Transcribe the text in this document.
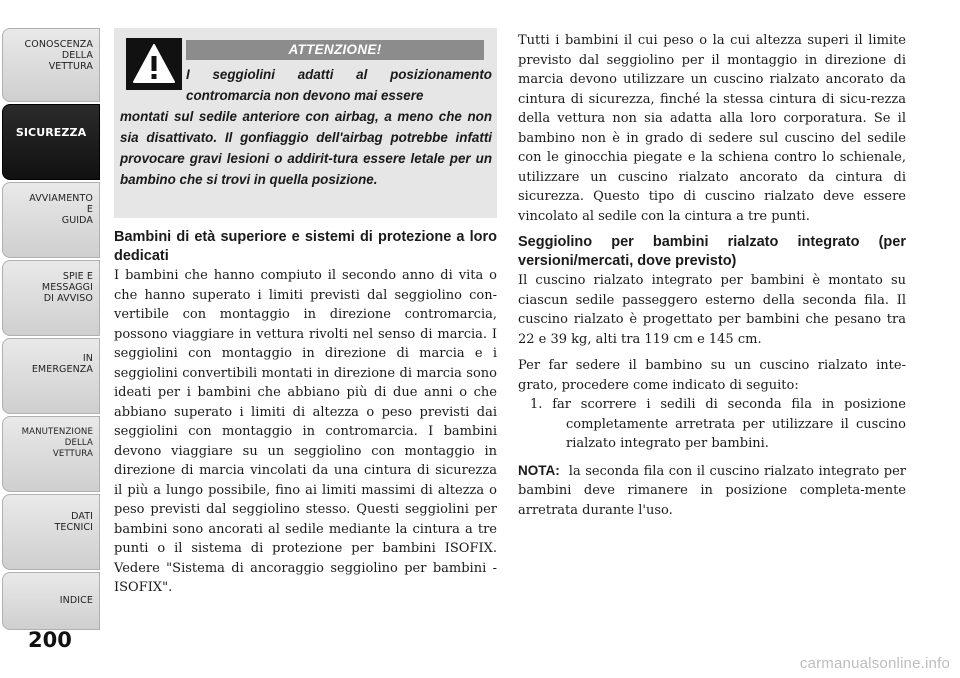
CONOSCENZA
DELLA
VETTURA
SICUREZZA
AVVIAMENTO
E
GUIDA
SPIE E
MESSAGGI
DI AVVISO
IN
EMERGENZA
MANUTENZIONE
DELLA
VETTURA
DATI
TECNICI
INDICE
200
ATTENZIONE!
I seggiolini adatti al posizionamento contromarcia non devono mai essere
montati sul sedile anteriore con airbag, a meno che non sia disattivato. Il gonfiaggio dell'airbag potrebbe infatti provocare gravi lesioni o addirit-tura essere letale per un bambino che si trovi in quella posizione.

Bambini di età superiore e sistemi di protezione a loro dedicati

I bambini che hanno compiuto il secondo anno di vita o che hanno superato i limiti previsti dal seggiolino con-vertibile con montaggio in direzione contromarcia, possono viaggiare in vettura rivolti nel senso di marcia. I seggiolini con montaggio in direzione di marcia e i seggiolini convertibili montati in direzione di marcia sono ideati per i bambini che abbiano più di due anni o che abbiano superato i limiti di altezza o peso previsti dai seggiolini con montaggio in contromarcia. I bambini devono viaggiare su un seggiolino con montaggio in direzione di marcia vincolati da una cintura di sicurezza il più a lungo possibile, fino ai limiti massimi di altezza o peso previsti dal seggiolino stesso. Questi seggiolini per bambini sono ancorati al sedile mediante la cintura a tre punti o il sistema di protezione per bambini ISOFIX. Vedere "Sistema di ancoraggio seggiolino per bambini - ISOFIX".

Tutti i bambini il cui peso o la cui altezza superi il limite previsto dal seggiolino per il montaggio in direzione di marcia devono utilizzare un cuscino rialzato ancorato da cintura di sicurezza, finché la stessa cintura di sicu-rezza della vettura non sia adatta alla loro corporatura. Se il bambino non è in grado di sedere sul cuscino del sedile con le ginocchia piegate e la schiena contro lo schienale, utilizzare un cuscino rialzato ancorato da cintura di sicurezza. Questo tipo di cuscino rialzato deve essere vincolato al sedile con la cintura a tre punti.

Seggiolino per bambini rialzato integrato (per versioni/mercati, dove previsto)

Il cuscino rialzato integrato per bambini è montato su ciascun sedile passeggero esterno della seconda fila. Il cuscino rialzato è progettato per bambini che pesano tra 22 e 39 kg, alti tra 119 cm e 145 cm.

Per far sedere il bambino su un cuscino rialzato inte-grato, procedere come indicato di seguito:

1. far scorrere i sedili di seconda fila in posizione completamente arretrata per utilizzare il cuscino rialzato integrato per bambini.

NOTA: la seconda fila con il cuscino rialzato integrato per bambini deve rimanere in posizione completa-mente arretrata durante l'uso.

carmanualsonline.info
